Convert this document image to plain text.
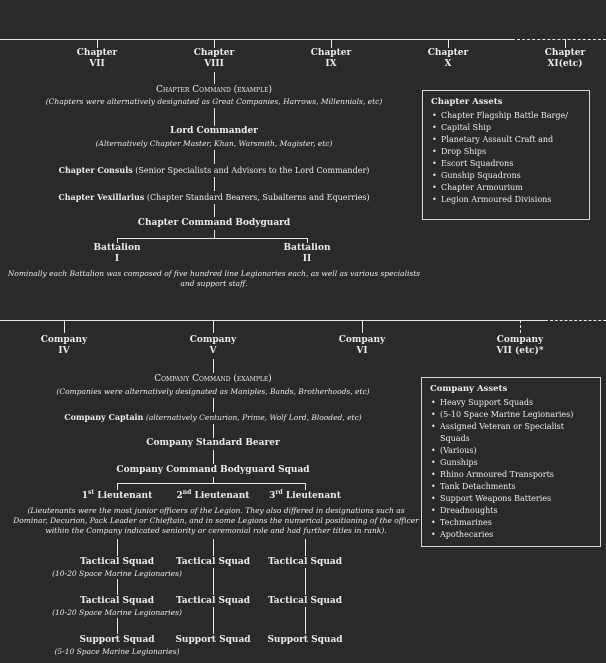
Chapter
VII
Chapter
VIII
Chapter
IX
Chapter
X
Chapter
XI(etc)
Chapter Command (example)
(Chapters were alternatively designated as Great Companies, Harrows, Millennials, etc)
Lord Commander
(Alternatively Chapter Master, Khan, Warsmith, Magister, etc)
Chapter Consuls (Senior Specialists and Advisors to the Lord Commander)
Chapter Vexillarius (Chapter Standard Bearers, Subalterns and Equerries)
Chapter Command Bodyguard
Battalion
I
Battalion
II
Nominally each Battalion was composed of five hundred line Legionaries each, as well as various specialists
and support staff.
Chapter Assets
• Chapter Flagship Battle Barge/
• Capital Ship
• Planetary Assault Craft and
• Drop Ships
• Escort Squadrons
• Gunship Squadrons
• Chapter Armourium
• Legion Armoured Divisions
Company
IV
Company
V
Company
VI
Company
VII (etc)*
Company Command (example)
(Companies were alternatively designated as Maniples, Bands, Brotherhoods, etc)
Company Captain (alternatively Centurion, Prime, Wolf Lord, Blooded, etc)
Company Standard Bearer
Company Command Bodyguard Squad
1st Lieutenant	2nd Lieutenant	3rd Lieutenant
(Lieutenants were the most junior officers of the Legion. They also differed in designations such as
Dominar, Decurion, Pack Leader or Chieftain, and in some Legions the numerical positioning of the officer
within the Company indicated seniority or ceremonial role and had further titles in rank).
Tactical Squad
(10-20 Space Marine Legionaries)
Tactical Squad	Tactical Squad
Tactical Squad
(10-20 Space Marine Legionaries)
Tactical Squad	Tactical Squad
Support Squad
(5-10 Space Marine Legionaries)
Support Squad	Support Squad
Company Assets
• Heavy Support Squads
• (5-10 Space Marine Legionaries)
• Assigned Veteran or Specialist Squads
• (Various)
• Gunships
• Rhino Armoured Transports
• Tank Detachments
• Support Weapons Batteries
• Dreadnoughts
• Techmarines
• Apothecaries
